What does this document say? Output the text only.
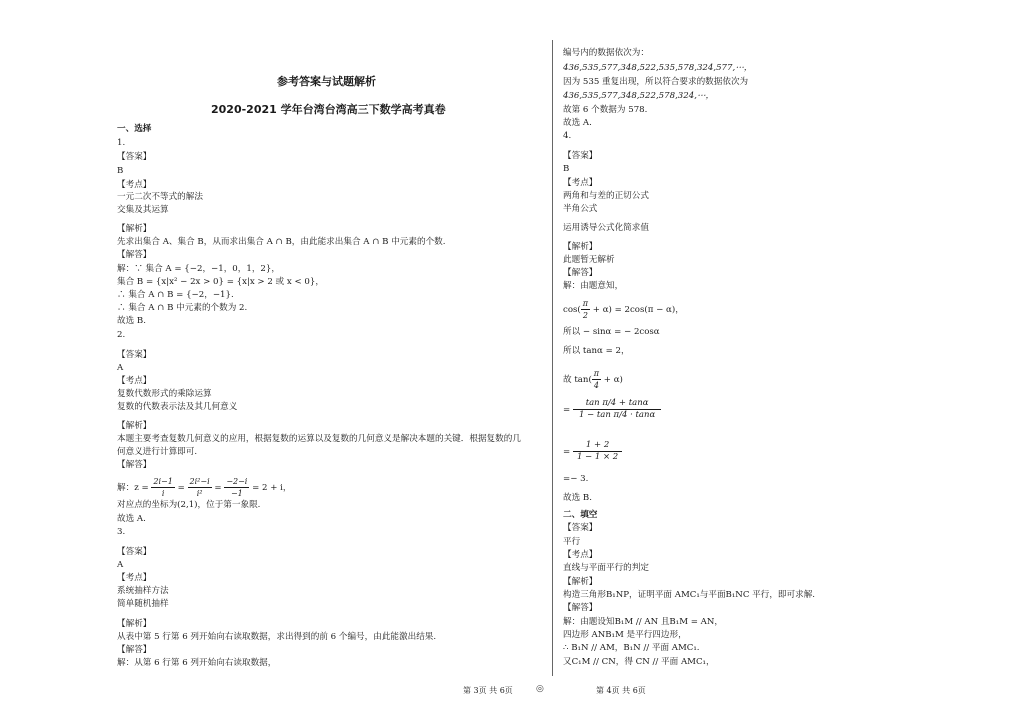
参考答案与试题解析
2020-2021 学年台湾台湾高三下数学高考真卷
解：$z = \frac{2i-1}{i} = \frac{\text{2i²−i}}{\text{i²}} = \frac{-2-i}{-1} = 2 + i$，
一、选择
1.
【答案】
B
【考点】
一元二次不等式的解法
交集及其运算
【解析】
先求出集合 A、集合 B，从而求出集合 A ∩ B，由此能求出集合 A ∩ B 中元素的个数.
【解答】
解：∵ 集合 A = {−2，−1，0，1，2}，
集合 B = {x|x² − 2x > 0} = {x|x > 2 或 x < 0}，
∴ 集合 A ∩ B = {−2，−1}.
∴ 集合 A ∩ B 中元素的个数为 2.
故选 B.
2.
【答案】
A
【考点】
复数代数形式的乘除运算
复数的代数表示法及其几何意义
【解析】
本题主要考查复数几何意义的应用，根据复数的运算以及复数的几何意义是解决本题的关键．根据复数的几
何意义进行计算即可.
【解答】
对应点的坐标为(2,1)，位于第一象限.
故选 A.
3.
【答案】
A
【考点】
系统抽样方法
简单随机抽样
【解析】
从表中第 5 行第 6 列开始向右读取数据，求出得到的前 6 个编号，由此能激出结果.
【解答】
解：从第 6 行第 6 列开始向右读取数据，
$\cos( \frac{\pi}{2} + \alpha) = 2\cos(\pi - \alpha)$，
故 $\tan( \frac{\pi}{4} + \alpha)$
= $\frac{\text{tan π/4 + tanα}}{\text{1 − tan π/4 · tanα}}$
= $\frac{1 + 2}{1 - 1 \times 2}$
编号内的数据依次为：
436,535,577,348,522,535,578,324,577,⋯，
因为 535 重复出现，所以符合要求的数据依次为
436,535,577,348,522,578,324,⋯，
故第 6 个数据为 578.
故选 A.
4.
【答案】
B
【考点】
两角和与差的正切公式
半角公式
运用诱导公式化简求值
【解析】
此题暂无解析
【解答】
解：由题意知，
所以 − sinα = − 2cosα
所以 tanα = 2，
=− 3.
故选 B.
二、填空
【答案】
平行
【考点】
直线与平面平行的判定
【解析】
构造三角形B₁NP，证明平面 AMC₁与平面B₁NC 平行，即可求解.
【解答】
解：由题设知B₁M // AN 且B₁M = AN，
四边形 ANB₁M 是平行四边形，
∴ B₁N // AM，B₁N // 平面 AMC₁.
又C₁M // CN，得 CN // 平面 AMC₁，
第 3页 共 6页	◎	第 4页 共 6页
